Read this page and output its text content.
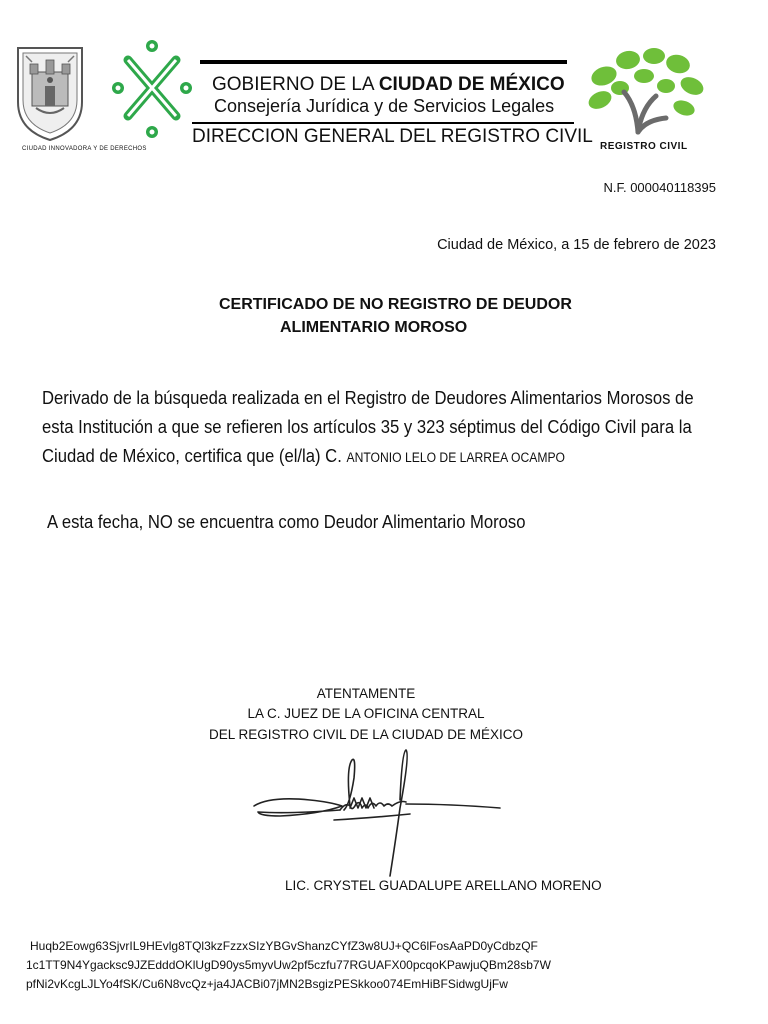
CIUDAD INNOVADORA Y DE DERECHOS
GOBIERNO DE LA CIUDAD DE MÉXICO
Consejería Jurídica y de Servicios Legales
DIRECCION GENERAL DEL REGISTRO CIVIL REGISTRO CIVIL
N.F. 000040118395
Ciudad de México, a 15 de febrero de 2023
CERTIFICADO DE NO REGISTRO DE DEUDOR
ALIMENTARIO MOROSO
Derivado de la búsqueda realizada en el Registro de Deudores Alimentarios Morosos de
esta Institución a que se refieren los artículos 35 y 323 séptimus del Código Civil para la
Ciudad de México, certifica que (el/la) C. ANTONIO LELO DE LARREA OCAMPO
A esta fecha, NO se encuentra como Deudor Alimentario Moroso
ATENTAMENTE
LA C. JUEZ DE LA OFICINA CENTRAL
DEL REGISTRO CIVIL DE LA CIUDAD DE MÉXICO
LIC. CRYSTEL GUADALUPE ARELLANO MORENO
Huqb2Eowg63SjvrIL9HEvlg8TQl3kzFzzxSIzYBGvShanzCYfZ3w8UJ+QC6lFosAaPD0yCdbzQF
1c1TT9N4Ygacksc9JZEdddOKlUgD90ys5myvUw2pf5czfu77RGUAFX00pcqoKPawjuQBm28sb7W
pfNi2vKcgLJLYo4fSK/Cu6N8vcQz+ja4JACBi07jMN2BsgizPESkkoo074EmHiBFSidwgUjFw
